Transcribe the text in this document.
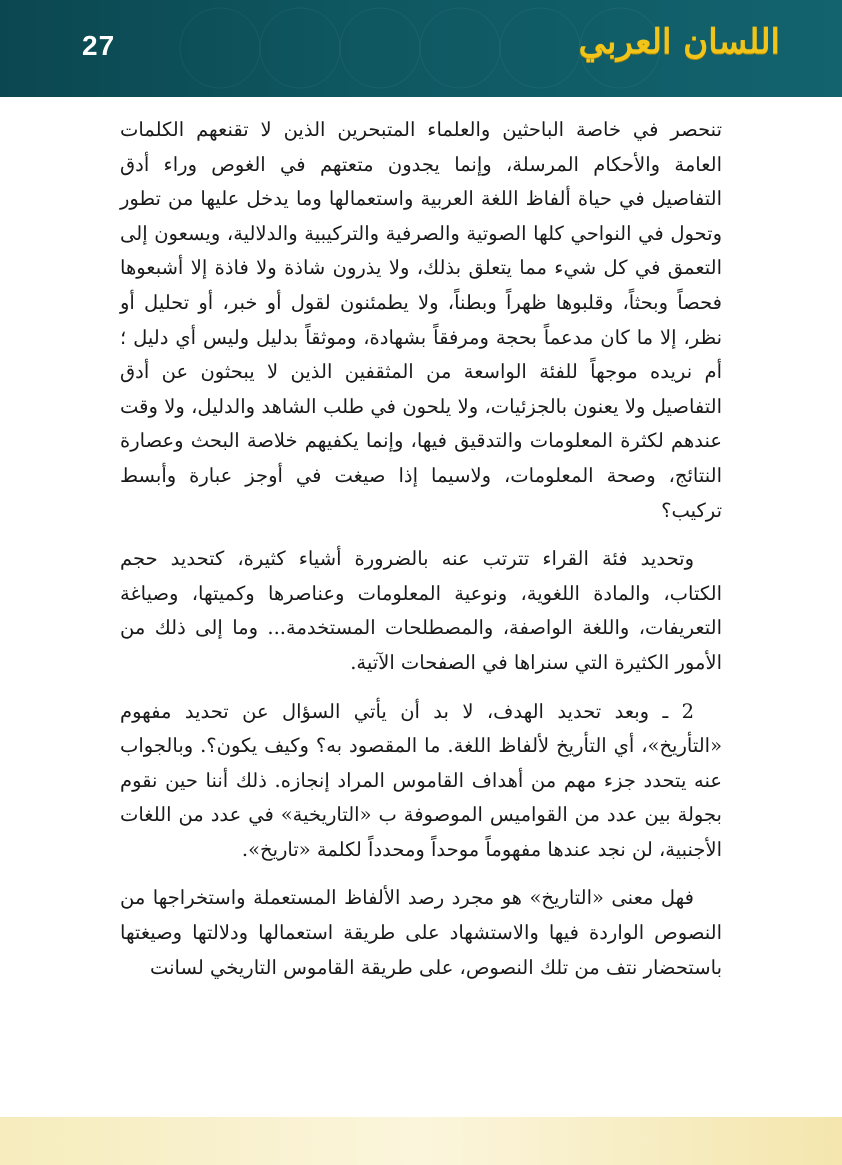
27	اللسان العربي

تنحصر في خاصة الباحثين والعلماء المتبحرين الذين لا تقنعهم الكلمات العامة والأحكام المرسلة، وإنما يجدون متعتهم في الغوص وراء أدق التفاصيل في حياة ألفاظ اللغة العربية واستعمالها وما يدخل عليها من تطور وتحول في النواحي كلها الصوتية والصرفية والتركيبية والدلالية، ويسعون إلى التعمق في كل شيء مما يتعلق بذلك، ولا يذرون شاذة ولا فاذة إلا أشبعوها فحصاً وبحثاً، وقلبوها ظهراً وبطناً، ولا يطمئنون لقول أو خبر، أو تحليل أو نظر، إلا ما كان مدعماً بحجة ومرفقاً بشهادة، وموثقاً بدليل وليس أي دليل ؛ أم نريده موجهاً للفئة الواسعة من المثقفين الذين لا يبحثون عن أدق التفاصيل ولا يعنون بالجزئيات، ولا يلحون في طلب الشاهد والدليل، ولا وقت عندهم لكثرة المعلومات والتدقيق فيها، وإنما يكفيهم خلاصة البحث وعصارة النتائج، وصحة المعلومات، ولاسيما إذا صيغت في أوجز عبارة وأبسط تركيب؟

وتحديد فئة القراء تترتب عنه بالضرورة أشياء كثيرة، كتحديد حجم الكتاب، والمادة اللغوية، ونوعية المعلومات وعناصرها وكميتها، وصياغة التعريفات، واللغة الواصفة، والمصطلحات المستخدمة... وما إلى ذلك من الأمور الكثيرة التي سنراها في الصفحات الآتية.

2 ـ وبعد تحديد الهدف، لا بد أن يأتي السؤال عن تحديد مفهوم «التأريخ»، أي التأريخ لألفاظ اللغة. ما المقصود به؟ وكيف يكون؟. وبالجواب عنه يتحدد جزء مهم من أهداف القاموس المراد إنجازه. ذلك أننا حين نقوم بجولة بين عدد من القواميس الموصوفة ب «التاريخية» في عدد من اللغات الأجنبية، لن نجد عندها مفهوماً موحداً ومحدداً لكلمة «تاريخ».

فهل معنى «التاريخ» هو مجرد رصد الألفاظ المستعملة واستخراجها من النصوص الواردة فيها والاستشهاد على طريقة استعمالها ودلالتها وصيغتها باستحضار نتف من تلك النصوص، على طريقة القاموس التاريخي لسانت
